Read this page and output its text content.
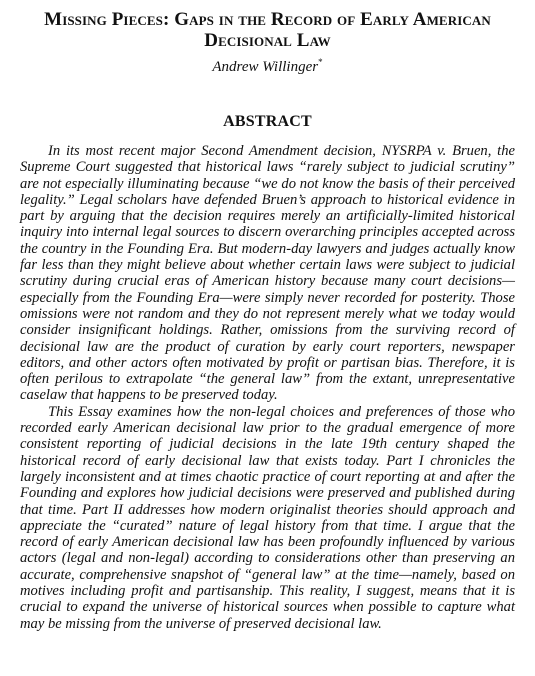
Missing Pieces: Gaps in the Record of Early American
Decisional Law
Andrew Willinger*
ABSTRACT
In its most recent major Second Amendment decision, NYSRPA v. Bruen, the
Supreme Court suggested that historical laws “rarely subject to judicial scrutiny”
are not especially illuminating because “we do not know the basis of their perceived
legality.” Legal scholars have defended Bruen’s approach to historical evidence in
part by arguing that the decision requires merely an artificially-limited historical
inquiry into internal legal sources to discern overarching principles accepted across
the country in the Founding Era. But modern-day lawyers and judges actually know
far less than they might believe about whether certain laws were subject to judicial
scrutiny during crucial eras of American history because many court decisions—
especially from the Founding Era—were simply never recorded for posterity. Those
omissions were not random and they do not represent merely what we today would
consider insignificant holdings. Rather, omissions from the surviving record of
decisional law are the product of curation by early court reporters, newspaper
editors, and other actors often motivated by profit or partisan bias. Therefore, it is
often perilous to extrapolate “the general law” from the extant, unrepresentative
caselaw that happens to be preserved today.
This Essay examines how the non-legal choices and preferences of those who
recorded early American decisional law prior to the gradual emergence of more
consistent reporting of judicial decisions in the late 19th century shaped the
historical record of early decisional law that exists today. Part I chronicles the
largely inconsistent and at times chaotic practice of court reporting at and after the
Founding and explores how judicial decisions were preserved and published during
that time. Part II addresses how modern originalist theories should approach and
appreciate the “curated” nature of legal history from that time. I argue that the
record of early American decisional law has been profoundly influenced by various
actors (legal and non-legal) according to considerations other than preserving an
accurate, comprehensive snapshot of “general law” at the time—namely, based on
motives including profit and partisanship. This reality, I suggest, means that it is
crucial to expand the universe of historical sources when possible to capture what
may be missing from the universe of preserved decisional law.
